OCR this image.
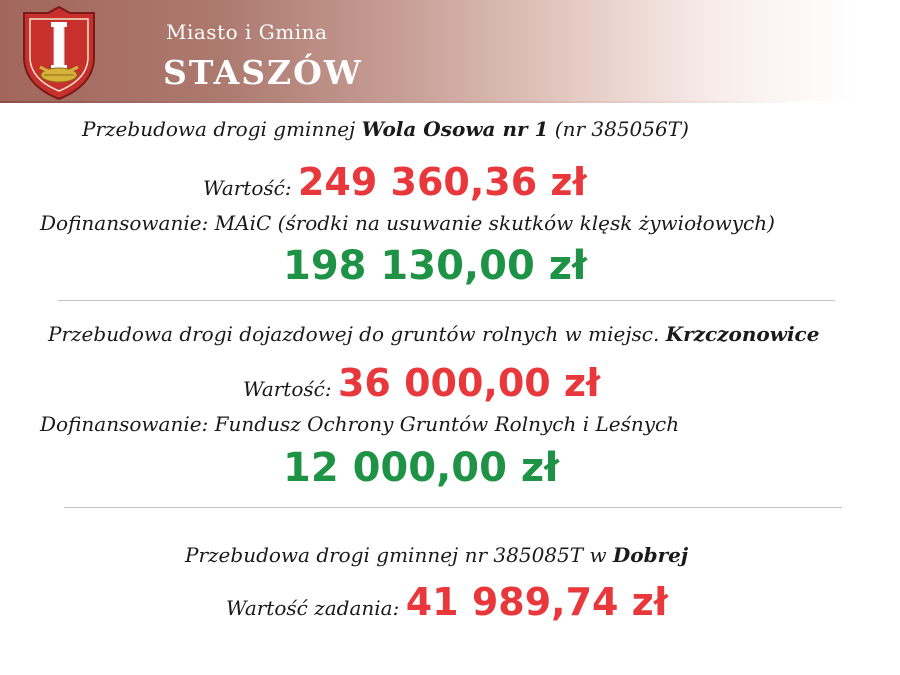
Miasto i Gmina
STASZÓW
Przebudowa drogi gminnej Wola Osowa nr 1 (nr 385056T)
Wartość: 249 360,36 zł
Dofinansowanie: MAiC (środki na usuwanie skutków klęsk żywiołowych)
198 130,00 zł
Przebudowa drogi dojazdowej do gruntów rolnych w miejsc. Krzczonowice
Wartość: 36 000,00 zł
Dofinansowanie: Fundusz Ochrony Gruntów Rolnych i Leśnych
12 000,00 zł
Przebudowa drogi gminnej nr 385085T w Dobrej
Wartość zadania: 41 989,74 zł
